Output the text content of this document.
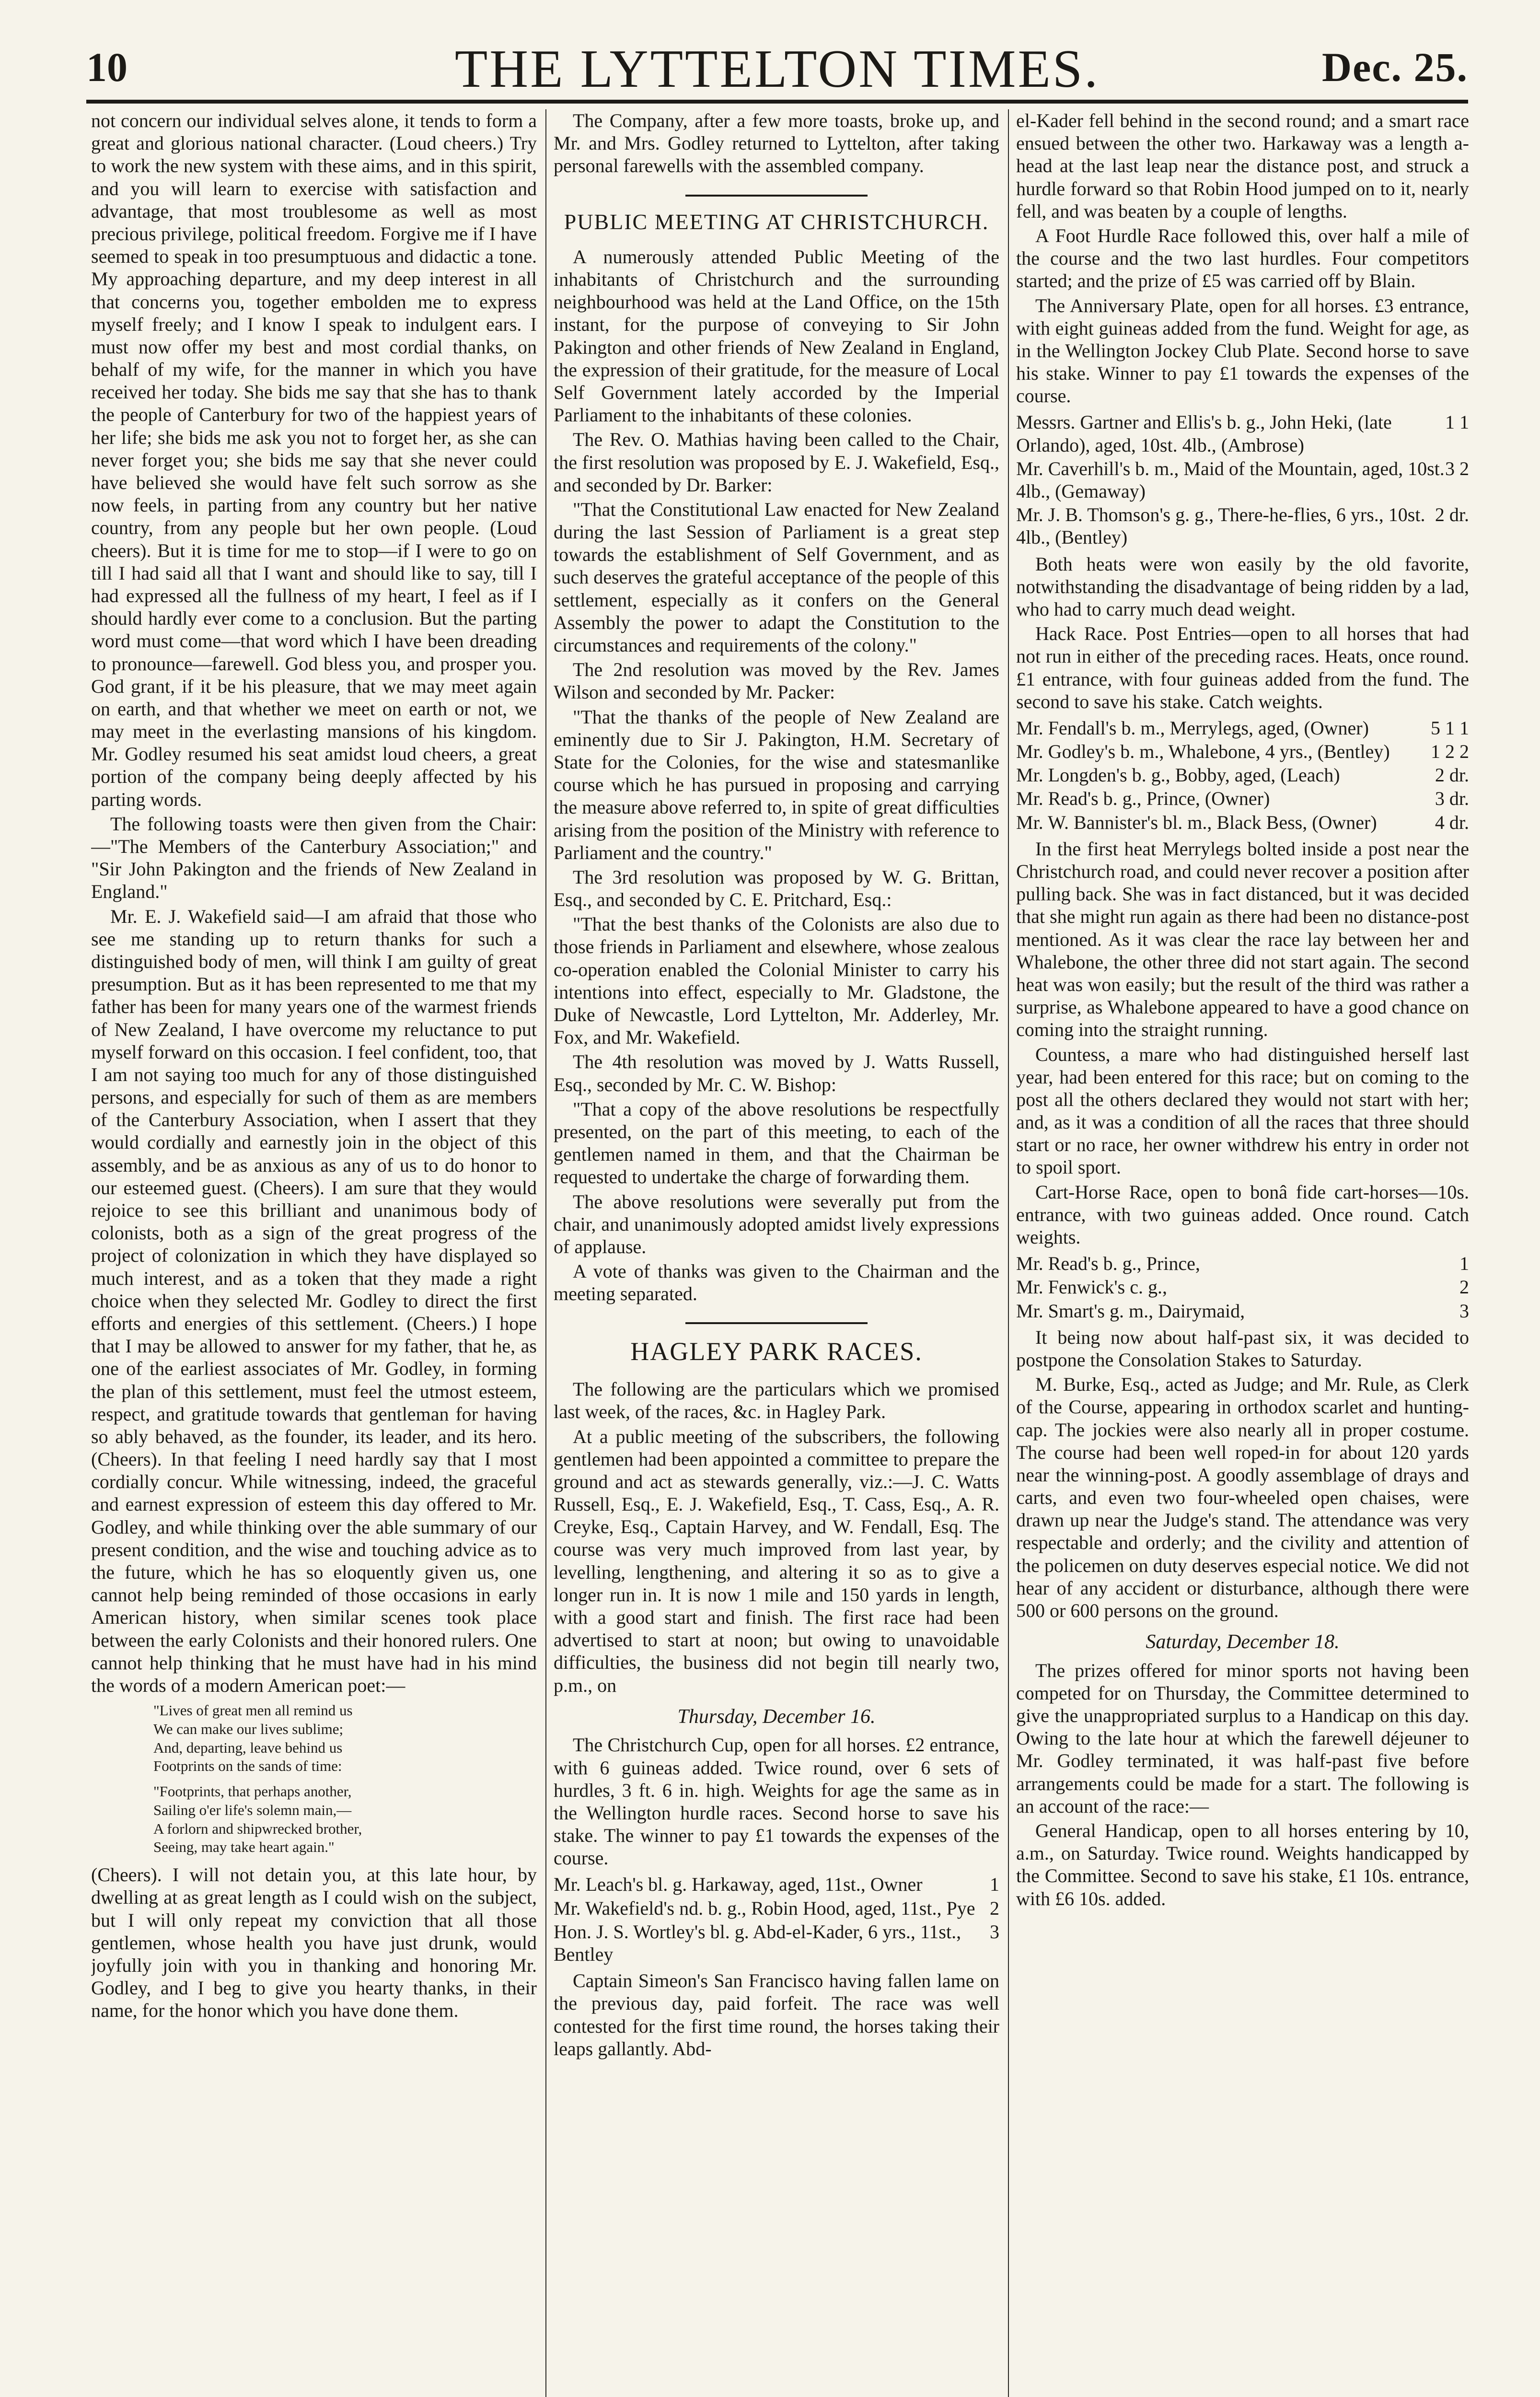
10	THE LYTTELTON TIMES.	Dec. 25.

not concern our individual selves alone, it tends to form a great and glorious national character. (Loud cheers.) Try to work the new system with these aims, and in this spirit, and you will learn to exercise with satisfaction and advantage, that most troublesome as well as most precious privilege, political freedom. Forgive me if I have seemed to speak in too presumptuous and didactic a tone. My approaching departure, and my deep interest in all that concerns you, together embolden me to express myself freely; and I know I speak to indulgent ears. I must now offer my best and most cordial thanks, on behalf of my wife, for the manner in which you have received her today. She bids me say that she has to thank the people of Canterbury for two of the happiest years of her life; she bids me ask you not to forget her, as she can never forget you; she bids me say that she never could have believed she would have felt such sorrow as she now feels, in parting from any country but her native country, from any people but her own people. (Loud cheers). But it is time for me to stop—if I were to go on till I had said all that I want and should like to say, till I had expressed all the fullness of my heart, I feel as if I should hardly ever come to a conclusion. But the parting word must come—that word which I have been dreading to pronounce—farewell. God bless you, and prosper you. God grant, if it be his pleasure, that we may meet again on earth, and that whether we meet on earth or not, we may meet in the everlasting mansions of his kingdom. Mr. Godley resumed his seat amidst loud cheers, a great portion of the company being deeply affected by his parting words.

The following toasts were then given from the Chair:—"The Members of the Canterbury Association;" and "Sir John Pakington and the friends of New Zealand in England."

Mr. E. J. Wakefield said—I am afraid that those who see me standing up to return thanks for such a distinguished body of men, will think I am guilty of great presumption. But as it has been represented to me that my father has been for many years one of the warmest friends of New Zealand, I have overcome my reluctance to put myself forward on this occasion. I feel confident, too, that I am not saying too much for any of those distinguished persons, and especially for such of them as are members of the Canterbury Association, when I assert that they would cordially and earnestly join in the object of this assembly, and be as anxious as any of us to do honor to our esteemed guest. (Cheers). I am sure that they would rejoice to see this brilliant and unanimous body of colonists, both as a sign of the great progress of the project of colonization in which they have displayed so much interest, and as a token that they made a right choice when they selected Mr. Godley to direct the first efforts and energies of this settlement. (Cheers.) I hope that I may be allowed to answer for my father, that he, as one of the earliest associates of Mr. Godley, in forming the plan of this settlement, must feel the utmost esteem, respect, and gratitude towards that gentleman for having so ably behaved, as the founder, its leader, and its hero. (Cheers). In that feeling I need hardly say that I most cordially concur. While witnessing, indeed, the graceful and earnest expression of esteem this day offered to Mr. Godley, and while thinking over the able summary of our present condition, and the wise and touching advice as to the future, which he has so eloquently given us, one cannot help being reminded of those occasions in early American history, when similar scenes took place between the early Colonists and their honored rulers. One cannot help thinking that he must have had in his mind the words of a modern American poet:—

"Lives of great men all remind us
We can make our lives sublime;
And, departing, leave behind us
Footprints on the sands of time:
"Footprints, that perhaps another,
Sailing o'er life's solemn main,—
A forlorn and shipwrecked brother,
Seeing, may take heart again."

(Cheers). I will not detain you, at this late hour, by dwelling at as great length as I could wish on the subject, but I will only repeat my conviction that all those gentlemen, whose health you have just drunk, would joyfully join with you in thanking and honoring Mr. Godley, and I beg to give you hearty thanks, in their name, for the honor which you have done them.

The Company, after a few more toasts, broke up, and Mr. and Mrs. Godley returned to Lyttelton, after taking personal farewells with the assembled company.

PUBLIC MEETING AT CHRISTCHURCH.

A numerously attended Public Meeting of the inhabitants of Christchurch and the surrounding neighbourhood was held at the Land Office, on the 15th instant, for the purpose of conveying to Sir John Pakington and other friends of New Zealand in England, the expression of their gratitude, for the measure of Local Self Government lately accorded by the Imperial Parliament to the inhabitants of these colonies.

The Rev. O. Mathias having been called to the Chair, the first resolution was proposed by E. J. Wakefield, Esq., and seconded by Dr. Barker:

"That the Constitutional Law enacted for New Zealand during the last Session of Parliament is a great step towards the establishment of Self Government, and as such deserves the grateful acceptance of the people of this settlement, especially as it confers on the General Assembly the power to adapt the Constitution to the circumstances and requirements of the colony."

The 2nd resolution was moved by the Rev. James Wilson and seconded by Mr. Packer:

"That the thanks of the people of New Zealand are eminently due to Sir J. Pakington, H.M. Secretary of State for the Colonies, for the wise and statesmanlike course which he has pursued in proposing and carrying the measure above referred to, in spite of great difficulties arising from the position of the Ministry with reference to Parliament and the country."

The 3rd resolution was proposed by W. G. Brittan, Esq., and seconded by C. E. Pritchard, Esq.:

"That the best thanks of the Colonists are also due to those friends in Parliament and elsewhere, whose zealous co-operation enabled the Colonial Minister to carry his intentions into effect, especially to Mr. Gladstone, the Duke of Newcastle, Lord Lyttelton, Mr. Adderley, Mr. Fox, and Mr. Wakefield.

The 4th resolution was moved by J. Watts Russell, Esq., seconded by Mr. C. W. Bishop:

"That a copy of the above resolutions be respectfully presented, on the part of this meeting, to each of the gentlemen named in them, and that the Chairman be requested to undertake the charge of forwarding them.

The above resolutions were severally put from the chair, and unanimously adopted amidst lively expressions of applause.

A vote of thanks was given to the Chairman and the meeting separated.

HAGLEY PARK RACES.

The following are the particulars which we promised last week, of the races, &c. in Hagley Park.

At a public meeting of the subscribers, the following gentlemen had been appointed a committee to prepare the ground and act as stewards generally, viz.:—J. C. Watts Russell, Esq., E. J. Wakefield, Esq., T. Cass, Esq., A. R. Creyke, Esq., Captain Harvey, and W. Fendall, Esq. The course was very much improved from last year, by levelling, lengthening, and altering it so as to give a longer run in. It is now 1 mile and 150 yards in length, with a good start and finish. The first race had been advertised to start at noon; but owing to unavoidable difficulties, the business did not begin till nearly two, p.m., on

Thursday, December 16.

The Christchurch Cup, open for all horses. £2 entrance, with 6 guineas added. Twice round, over 6 sets of hurdles, 3 ft. 6 in. high. Weights for age the same as in the Wellington hurdle races. Second horse to save his stake. The winner to pay £1 towards the expenses of the course.

1
Mr. Leach's bl. g. Harkaway, aged, 11st., Owner
2
Mr. Wakefield's nd. b. g., Robin Hood, aged, 11st., Pye
3
Hon. J. S. Wortley's bl. g. Abd-el-Kader, 6 yrs., 11st., Bentley

Captain Simeon's San Francisco having fallen lame on the previous day, paid forfeit. The race was well contested for the first time round, the horses taking their leaps gallantly. Abd-

el-Kader fell behind in the second round; and a smart race ensued between the other two. Harkaway was a length a-head at the last leap near the distance post, and struck a hurdle forward so that Robin Hood jumped on to it, nearly fell, and was beaten by a couple of lengths.

A Foot Hurdle Race followed this, over half a mile of the course and the two last hurdles. Four competitors started; and the prize of £5 was carried off by Blain.

The Anniversary Plate, open for all horses. £3 entrance, with eight guineas added from the fund. Weight for age, as in the Wellington Jockey Club Plate. Second horse to save his stake. Winner to pay £1 towards the expenses of the course.

1 1
Messrs. Gartner and Ellis's b. g., John Heki, (late Orlando), aged, 10st. 4lb., (Ambrose)
3 2
Mr. Caverhill's b. m., Maid of the Mountain, aged, 10st. 4lb., (Gemaway)
2 dr.
Mr. J. B. Thomson's g. g., There-he-flies, 6 yrs., 10st. 4lb., (Bentley)

Both heats were won easily by the old favorite, notwithstanding the disadvantage of being ridden by a lad, who had to carry much dead weight.

Hack Race. Post Entries—open to all horses that had not run in either of the preceding races. Heats, once round. £1 entrance, with four guineas added from the fund. The second to save his stake. Catch weights.

5 1 1
Mr. Fendall's b. m., Merrylegs, aged, (Owner)
1 2 2
Mr. Godley's b. m., Whalebone, 4 yrs., (Bentley)
2 dr.
Mr. Longden's b. g., Bobby, aged, (Leach)
3 dr.
Mr. Read's b. g., Prince, (Owner)
4 dr.
Mr. W. Bannister's bl. m., Black Bess, (Owner)

In the first heat Merrylegs bolted inside a post near the Christchurch road, and could never recover a position after pulling back. She was in fact distanced, but it was decided that she might run again as there had been no distance-post mentioned. As it was clear the race lay between her and Whalebone, the other three did not start again. The second heat was won easily; but the result of the third was rather a surprise, as Whalebone appeared to have a good chance on coming into the straight running.

Countess, a mare who had distinguished herself last year, had been entered for this race; but on coming to the post all the others declared they would not start with her; and, as it was a condition of all the races that three should start or no race, her owner withdrew his entry in order not to spoil sport.

Cart-Horse Race, open to bonâ fide cart-horses—10s. entrance, with two guineas added. Once round. Catch weights.

1
Mr. Read's b. g., Prince,
2
Mr. Fenwick's c. g.,
3
Mr. Smart's g. m., Dairymaid,

It being now about half-past six, it was decided to postpone the Consolation Stakes to Saturday.

M. Burke, Esq., acted as Judge; and Mr. Rule, as Clerk of the Course, appearing in orthodox scarlet and hunting-cap. The jockies were also nearly all in proper costume. The course had been well roped-in for about 120 yards near the winning-post. A goodly assemblage of drays and carts, and even two four-wheeled open chaises, were drawn up near the Judge's stand. The attendance was very respectable and orderly; and the civility and attention of the policemen on duty deserves especial notice. We did not hear of any accident or disturbance, although there were 500 or 600 persons on the ground.

Saturday, December 18.

The prizes offered for minor sports not having been competed for on Thursday, the Committee determined to give the unappropriated surplus to a Handicap on this day. Owing to the late hour at which the farewell déjeuner to Mr. Godley terminated, it was half-past five before arrangements could be made for a start. The following is an account of the race:—

General Handicap, open to all horses entering by 10, a.m., on Saturday. Twice round. Weights handicapped by the Committee. Second to save his stake, £1 10s. entrance, with £6 10s. added.
